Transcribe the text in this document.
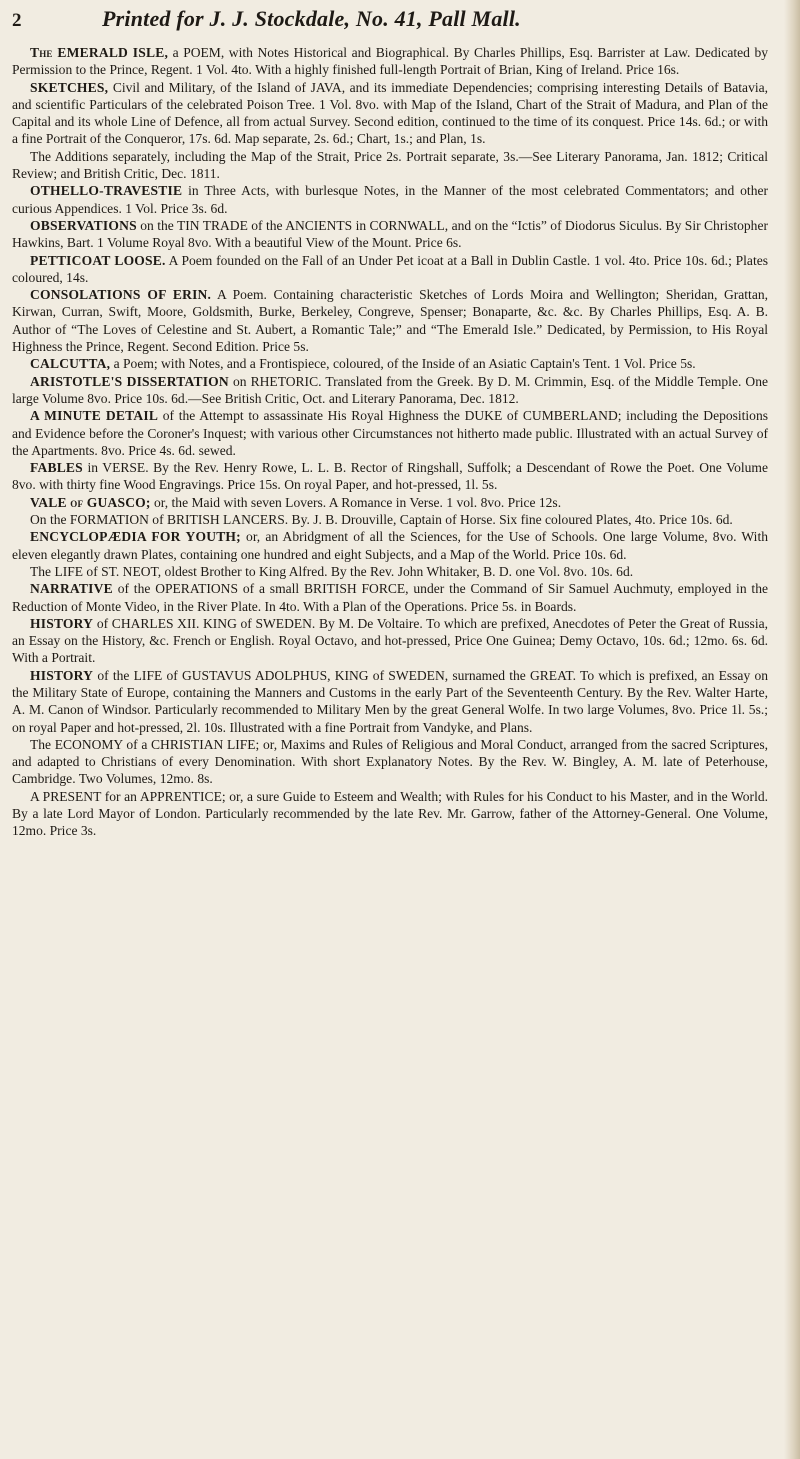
2	Printed for J. J. Stockdale, No. 41, Pall Mall.

The EMERALD ISLE, a POEM, with Notes Historical and Biographical. By Charles Phillips, Esq. Barrister at Law. Dedicated by Permission to the Prince, Regent. 1 Vol. 4to. With a highly finished full-length Portrait of Brian, King of Ireland. Price 16s.

SKETCHES, Civil and Military, of the Island of JAVA, and its immediate Dependencies; comprising interesting Details of Batavia, and scientific Particulars of the celebrated Poison Tree. 1 Vol. 8vo. with Map of the Island, Chart of the Strait of Madura, and Plan of the Capital and its whole Line of Defence, all from actual Survey. Second edition, continued to the time of its conquest. Price 14s. 6d.; or with a fine Portrait of the Conqueror, 17s. 6d. Map separate, 2s. 6d.; Chart, 1s.; and Plan, 1s.

The Additions separately, including the Map of the Strait, Price 2s. Portrait separate, 3s.—See Literary Panorama, Jan. 1812; Critical Review; and British Critic, Dec. 1811.

OTHELLO-TRAVESTIE in Three Acts, with burlesque Notes, in the Manner of the most celebrated Commentators; and other curious Appendices. 1 Vol. Price 3s. 6d.

OBSERVATIONS on the TIN TRADE of the ANCIENTS in CORNWALL, and on the “Ictis” of Diodorus Siculus. By Sir Christopher Hawkins, Bart. 1 Volume Royal 8vo. With a beautiful View of the Mount. Price 6s.

PETTICOAT LOOSE. A Poem founded on the Fall of an Under Pet icoat at a Ball in Dublin Castle. 1 vol. 4to. Price 10s. 6d.; Plates coloured, 14s.

CONSOLATIONS OF ERIN. A Poem. Containing characteristic Sketches of Lords Moira and Wellington; Sheridan, Grattan, Kirwan, Curran, Swift, Moore, Goldsmith, Burke, Berkeley, Congreve, Spenser; Bonaparte, &c. &c. By Charles Phillips, Esq. A. B. Author of “The Loves of Celestine and St. Aubert, a Romantic Tale;” and “The Emerald Isle.” Dedicated, by Permission, to His Royal Highness the Prince, Regent. Second Edition. Price 5s.

CALCUTTA, a Poem; with Notes, and a Frontispiece, coloured, of the Inside of an Asiatic Captain's Tent. 1 Vol. Price 5s.

ARISTOTLE'S DISSERTATION on RHETORIC. Translated from the Greek. By D. M. Crimmin, Esq. of the Middle Temple. One large Volume 8vo. Price 10s. 6d.—See British Critic, Oct. and Literary Panorama, Dec. 1812.

A MINUTE DETAIL of the Attempt to assassinate His Royal Highness the DUKE of CUMBERLAND; including the Depositions and Evidence before the Coroner's Inquest; with various other Circumstances not hitherto made public. Illustrated with an actual Survey of the Apartments. 8vo. Price 4s. 6d. sewed.

FABLES in VERSE. By the Rev. Henry Rowe, L. L. B. Rector of Ringshall, Suffolk; a Descendant of Rowe the Poet. One Volume 8vo. with thirty fine Wood Engravings. Price 15s. On royal Paper, and hot-pressed, 1l. 5s.

VALE of GUASCO; or, the Maid with seven Lovers. A Romance in Verse. 1 vol. 8vo. Price 12s.

On the FORMATION of BRITISH LANCERS. By. J. B. Drouville, Captain of Horse. Six fine coloured Plates, 4to. Price 10s. 6d.

ENCYCLOPÆDIA FOR YOUTH; or, an Abridgment of all the Sciences, for the Use of Schools. One large Volume, 8vo. With eleven elegantly drawn Plates, containing one hundred and eight Subjects, and a Map of the World. Price 10s. 6d.

The LIFE of ST. NEOT, oldest Brother to King Alfred. By the Rev. John Whitaker, B. D. one Vol. 8vo. 10s. 6d.

NARRATIVE of the OPERATIONS of a small BRITISH FORCE, under the Command of Sir Samuel Auchmuty, employed in the Reduction of Monte Video, in the River Plate. In 4to. With a Plan of the Operations. Price 5s. in Boards.

HISTORY of CHARLES XII. KING of SWEDEN. By M. De Voltaire. To which are prefixed, Anecdotes of Peter the Great of Russia, an Essay on the History, &c. French or English. Royal Octavo, and hot-pressed, Price One Guinea; Demy Octavo, 10s. 6d.; 12mo. 6s. 6d. With a Portrait.

HISTORY of the LIFE of GUSTAVUS ADOLPHUS, KING of SWEDEN, surnamed the GREAT. To which is prefixed, an Essay on the Military State of Europe, containing the Manners and Customs in the early Part of the Seventeenth Century. By the Rev. Walter Harte, A. M. Canon of Windsor. Particularly recommended to Military Men by the great General Wolfe. In two large Volumes, 8vo. Price 1l. 5s.; on royal Paper and hot-pressed, 2l. 10s. Illustrated with a fine Portrait from Vandyke, and Plans.

The ECONOMY of a CHRISTIAN LIFE; or, Maxims and Rules of Religious and Moral Conduct, arranged from the sacred Scriptures, and adapted to Christians of every Denomination. With short Explanatory Notes. By the Rev. W. Bingley, A. M. late of Peterhouse, Cambridge. Two Volumes, 12mo. 8s.

A PRESENT for an APPRENTICE; or, a sure Guide to Esteem and Wealth; with Rules for his Conduct to his Master, and in the World. By a late Lord Mayor of London. Particularly recommended by the late Rev. Mr. Garrow, father of the Attorney-General. One Volume, 12mo. Price 3s.
